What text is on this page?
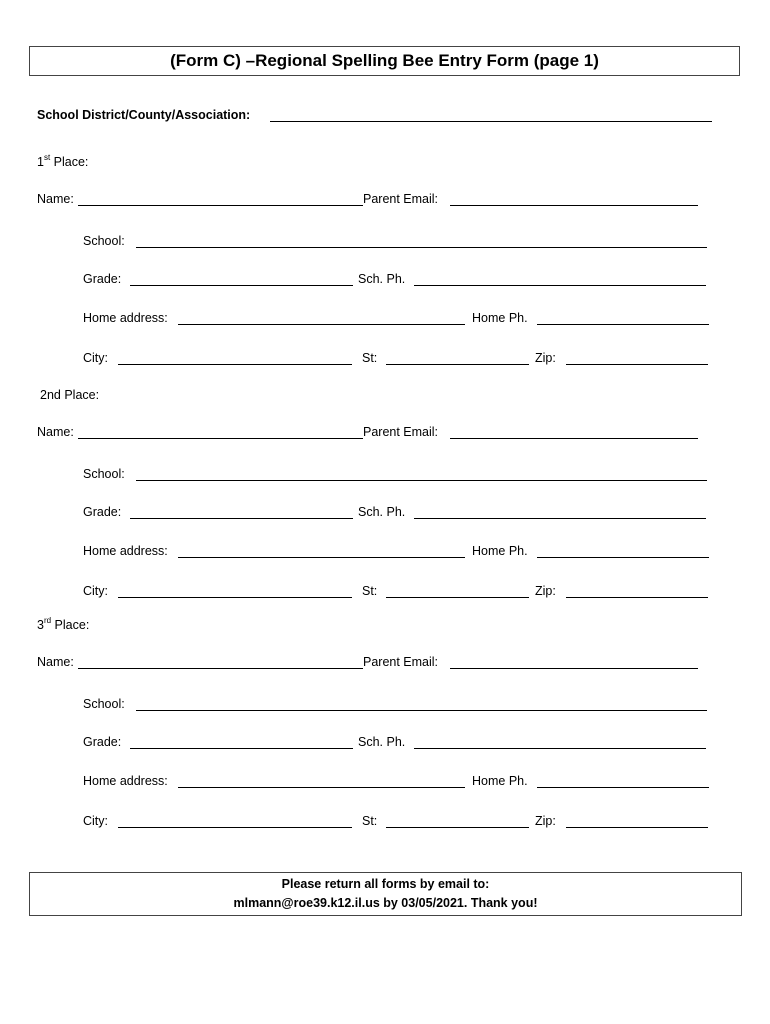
(Form C) –Regional Spelling Bee Entry Form (page 1)
School District/County/Association:
1st Place:
Name:	Parent Email:
School:
Grade:	Sch. Ph.
Home address:	Home Ph.
City:	St:	Zip:
2nd Place:
Name:	Parent Email:
School:
Grade:	Sch. Ph.
Home address:	Home Ph.
City:	St:	Zip:
3rd Place:
Name:	Parent Email:
School:
Grade:	Sch. Ph.
Home address:	Home Ph.
City:	St:	Zip:
Please return all forms by email to:
mlmann@roe39.k12.il.us by 03/05/2021. Thank you!
